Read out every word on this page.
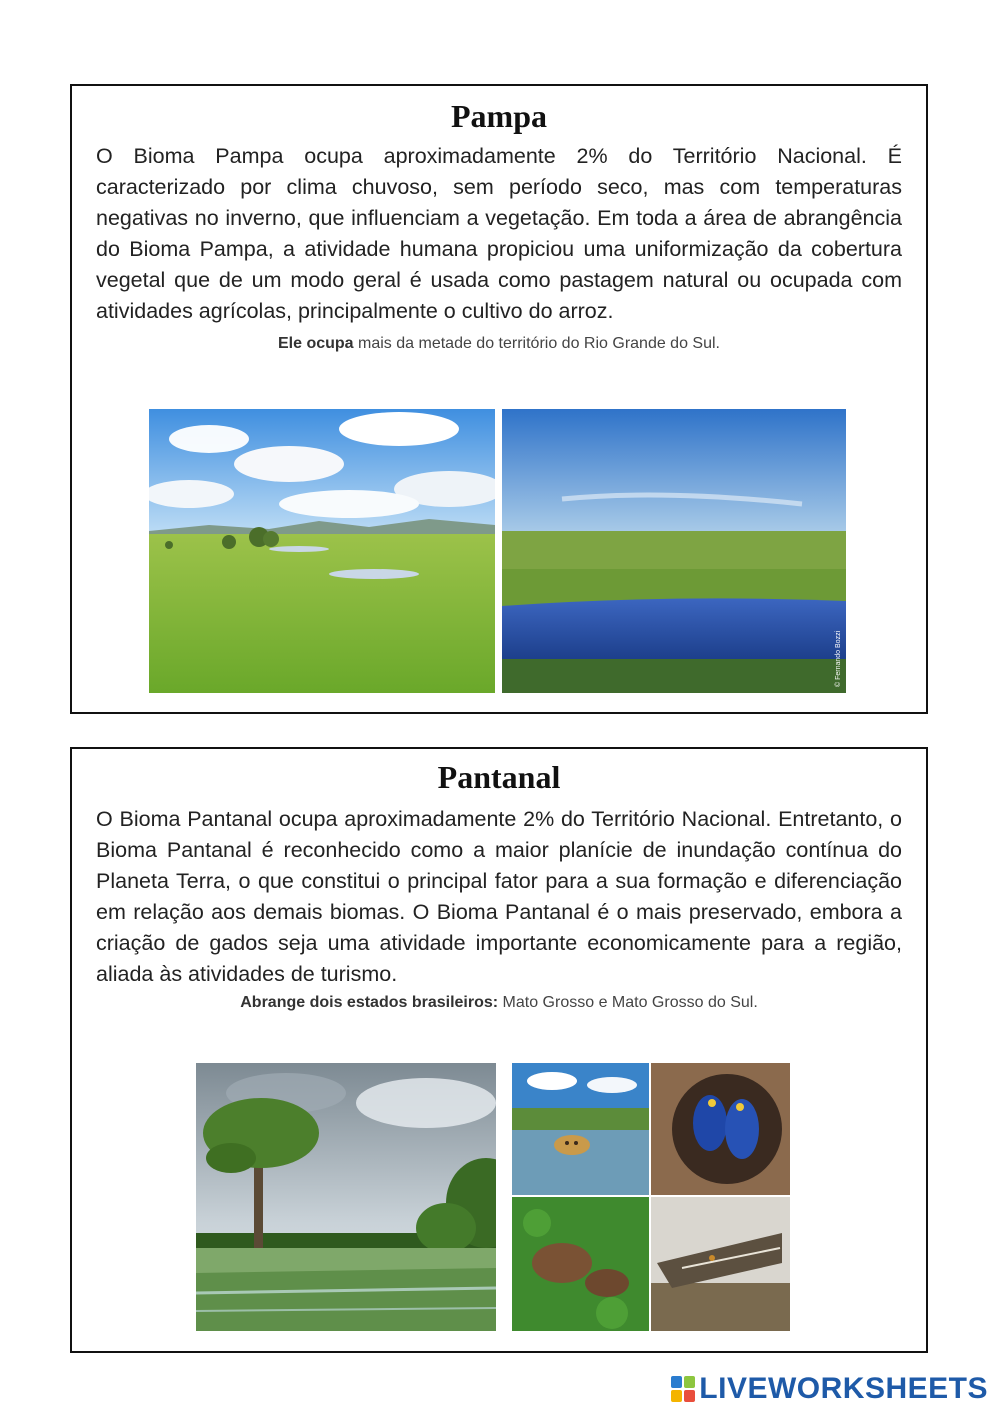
Pampa

O Bioma Pampa ocupa aproximadamente 2% do Território Nacional. É caracterizado por clima chuvoso, sem período seco, mas com temperaturas negativas no inverno, que influenciam a vegetação. Em toda a área de abrangência do Bioma Pampa, a atividade humana propiciou uma uniformização da cobertura vegetal que de um modo geral é usada como pastagem natural ou ocupada com atividades agrícolas, principalmente o cultivo do arroz.

Ele ocupa mais da metade do território do Rio Grande do Sul.
© Fernando Bozzi
Pantanal

O Bioma Pantanal ocupa aproximadamente 2% do Território Nacional. Entretanto, o Bioma Pantanal é reconhecido como a maior planície de inundação contínua do Planeta Terra, o que constitui o principal fator para a sua formação e diferenciação em relação aos demais biomas. O Bioma Pantanal é o mais preservado, embora a criação de gados seja uma atividade importante economicamente para a região, aliada às atividades de turismo.

Abrange dois estados brasileiros: Mato Grosso e Mato Grosso do Sul.
LIVEWORKSHEETS
